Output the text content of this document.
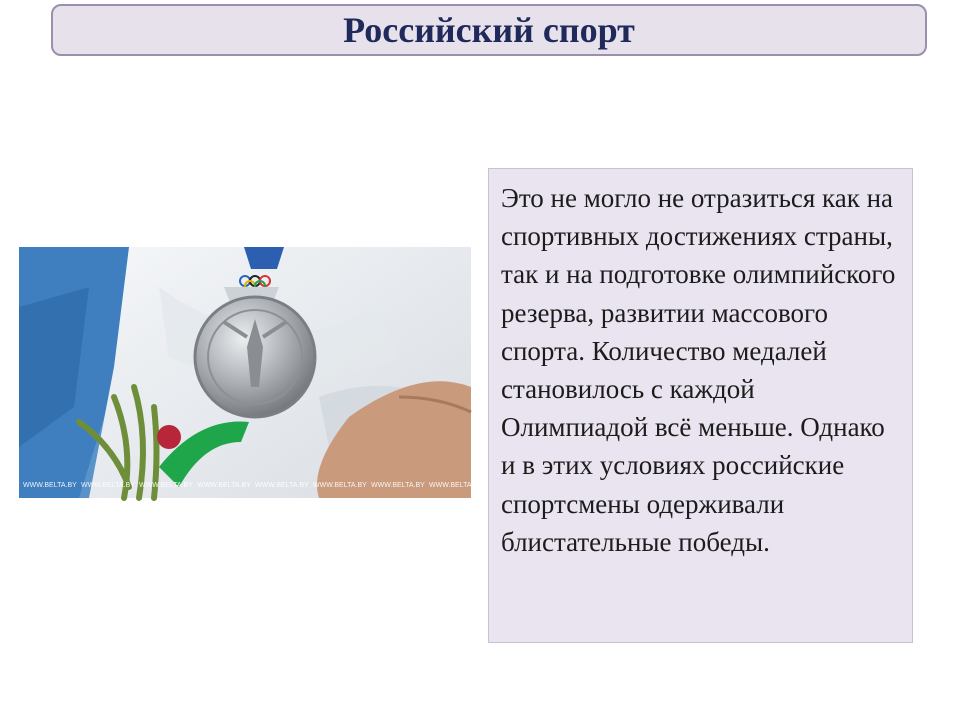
Российский спорт
WWW.BELTA.BY WWW.BELTA.BY WWW.BELTA.BY WWW.BELTA.BY WWW.BELTA.BY WWW.BELTA.BY WWW.BELTA.BY WWW.BELTA.BY

Это не могло не отразиться как на спортивных достижениях страны, так и на подготовке олимпийского резерва, развитии массового спорта. Количество медалей становилось с каждой Олимпиадой всё меньше. Однако и в этих условиях российские спортсмены одерживали блистательные победы.
